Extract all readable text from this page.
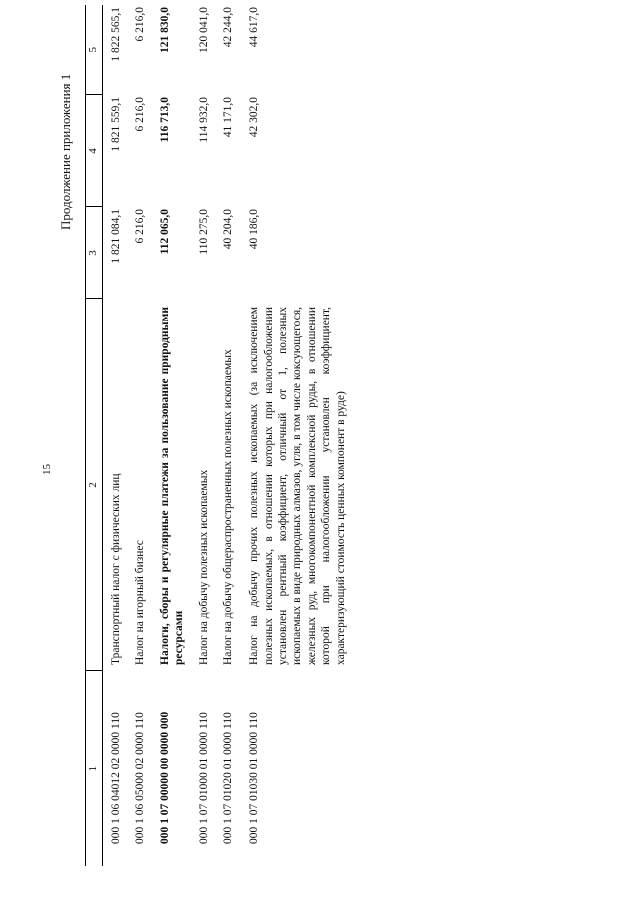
15
Продолжение приложения 1
1	2	3	4	5
000 1 06 04012 02 0000 110	Транспортный налог с физических лиц	1 821 084,1	1 821 559,1	1 822 565,1
000 1 06 05000 02 0000 110	Налог на игорный бизнес	6 216,0	6 216,0	6 216,0
000 1 07 00000 00 0000 000	Налоги, сборы и регулярные платежи за пользование природными ресурсами	112 065,0	116 713,0	121 830,0
000 1 07 01000 01 0000 110	Налог на добычу полезных ископаемых	110 275,0	114 932,0	120 041,0
000 1 07 01020 01 0000 110	Налог на добычу общераспространенных полезных ископаемых	40 204,0	41 171,0	42 244,0
000 1 07 01030 01 0000 110	Налог на добычу прочих полезных ископаемых (за исключением полезных ископаемых, в отношении которых при налогообложении установлен рентный коэффициент, отличный от 1, полезных ископаемых в виде природных алмазов, угля, в том числе коксующегося, железных руд, многокомпонентной комплексной руды, в отношении которой при налогообложении установлен коэффициент, характеризующий стоимость ценных компонент в руде)	40 186,0	42 302,0	44 617,0
